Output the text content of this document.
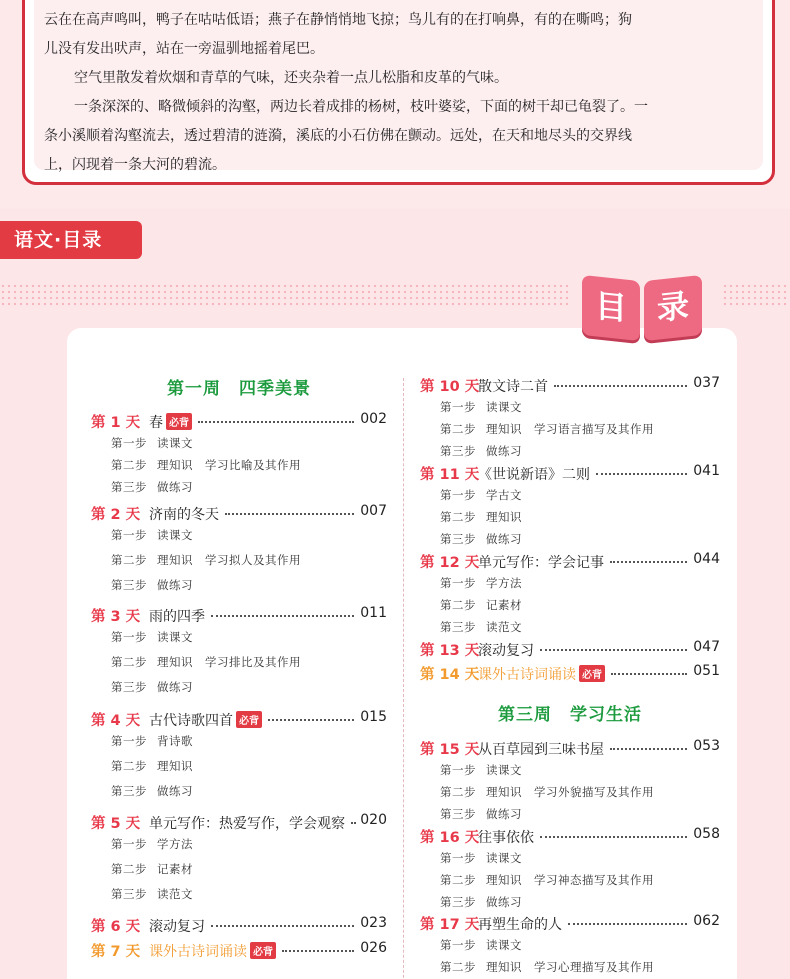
云在在高声鸣叫，鸭子在咕咕低语；燕子在静悄悄地飞掠；鸟儿有的在打响鼻，有的在嘶鸣；狗

儿没有发出吠声，站在一旁温驯地摇着尾巴。

空气里散发着炊烟和青草的气味，还夹杂着一点儿松脂和皮革的气味。

一条深深的、略微倾斜的沟壑，两边长着成排的杨树，枝叶婆娑，下面的树干却已龟裂了。一

条小溪顺着沟壑流去，透过碧清的涟漪，溪底的小石仿佛在颤动。远处，在天和地尽头的交界线

上，闪现着一条大河的碧流。

语文·目录
第一周　四季美景
第 1 天 春 必背	002
第一步 读课文
第二步 理知识　学习比喻及其作用
第三步 做练习
第 2 天 济南的冬天	007
第一步 读课文
第二步 理知识　学习拟人及其作用
第三步 做练习
第 3 天 雨的四季	011
第一步 读课文
第二步 理知识　学习排比及其作用
第三步 做练习
第 4 天 古代诗歌四首 必背	015
第一步 背诗歌
第二步 理知识
第三步 做练习
第 5 天 单元写作：热爱写作，学会观察 020
第一步 学方法
第二步 记素材
第三步 读范文
第 6 天 滚动复习	023
第 7 天 课外古诗词诵读 必背	026
第 10 天散文诗二首	037
第一步 读课文
第二步 理知识　学习语言描写及其作用
第三步 做练习
第 11 天《世说新语》二则	041
第一步 学古文
第二步 理知识
第三步 做练习
第 12 天单元写作：学会记事	044
第一步 学方法
第二步 记素材
第三步 读范文
第 13 天滚动复习	047
第 14 天课外古诗词诵读 必背	051
第 15 天从百草园到三味书屋	053
第一步 读课文
第二步 理知识　学习外貌描写及其作用
第三步 做练习
第 16 天往事依依	058
第一步 读课文
第二步 理知识　学习神态描写及其作用
第三步 做练习
第 17 天再塑生命的人	062
第一步 读课文
第二步 理知识　学习心理描写及其作用
第三周　学习生活
目 录
